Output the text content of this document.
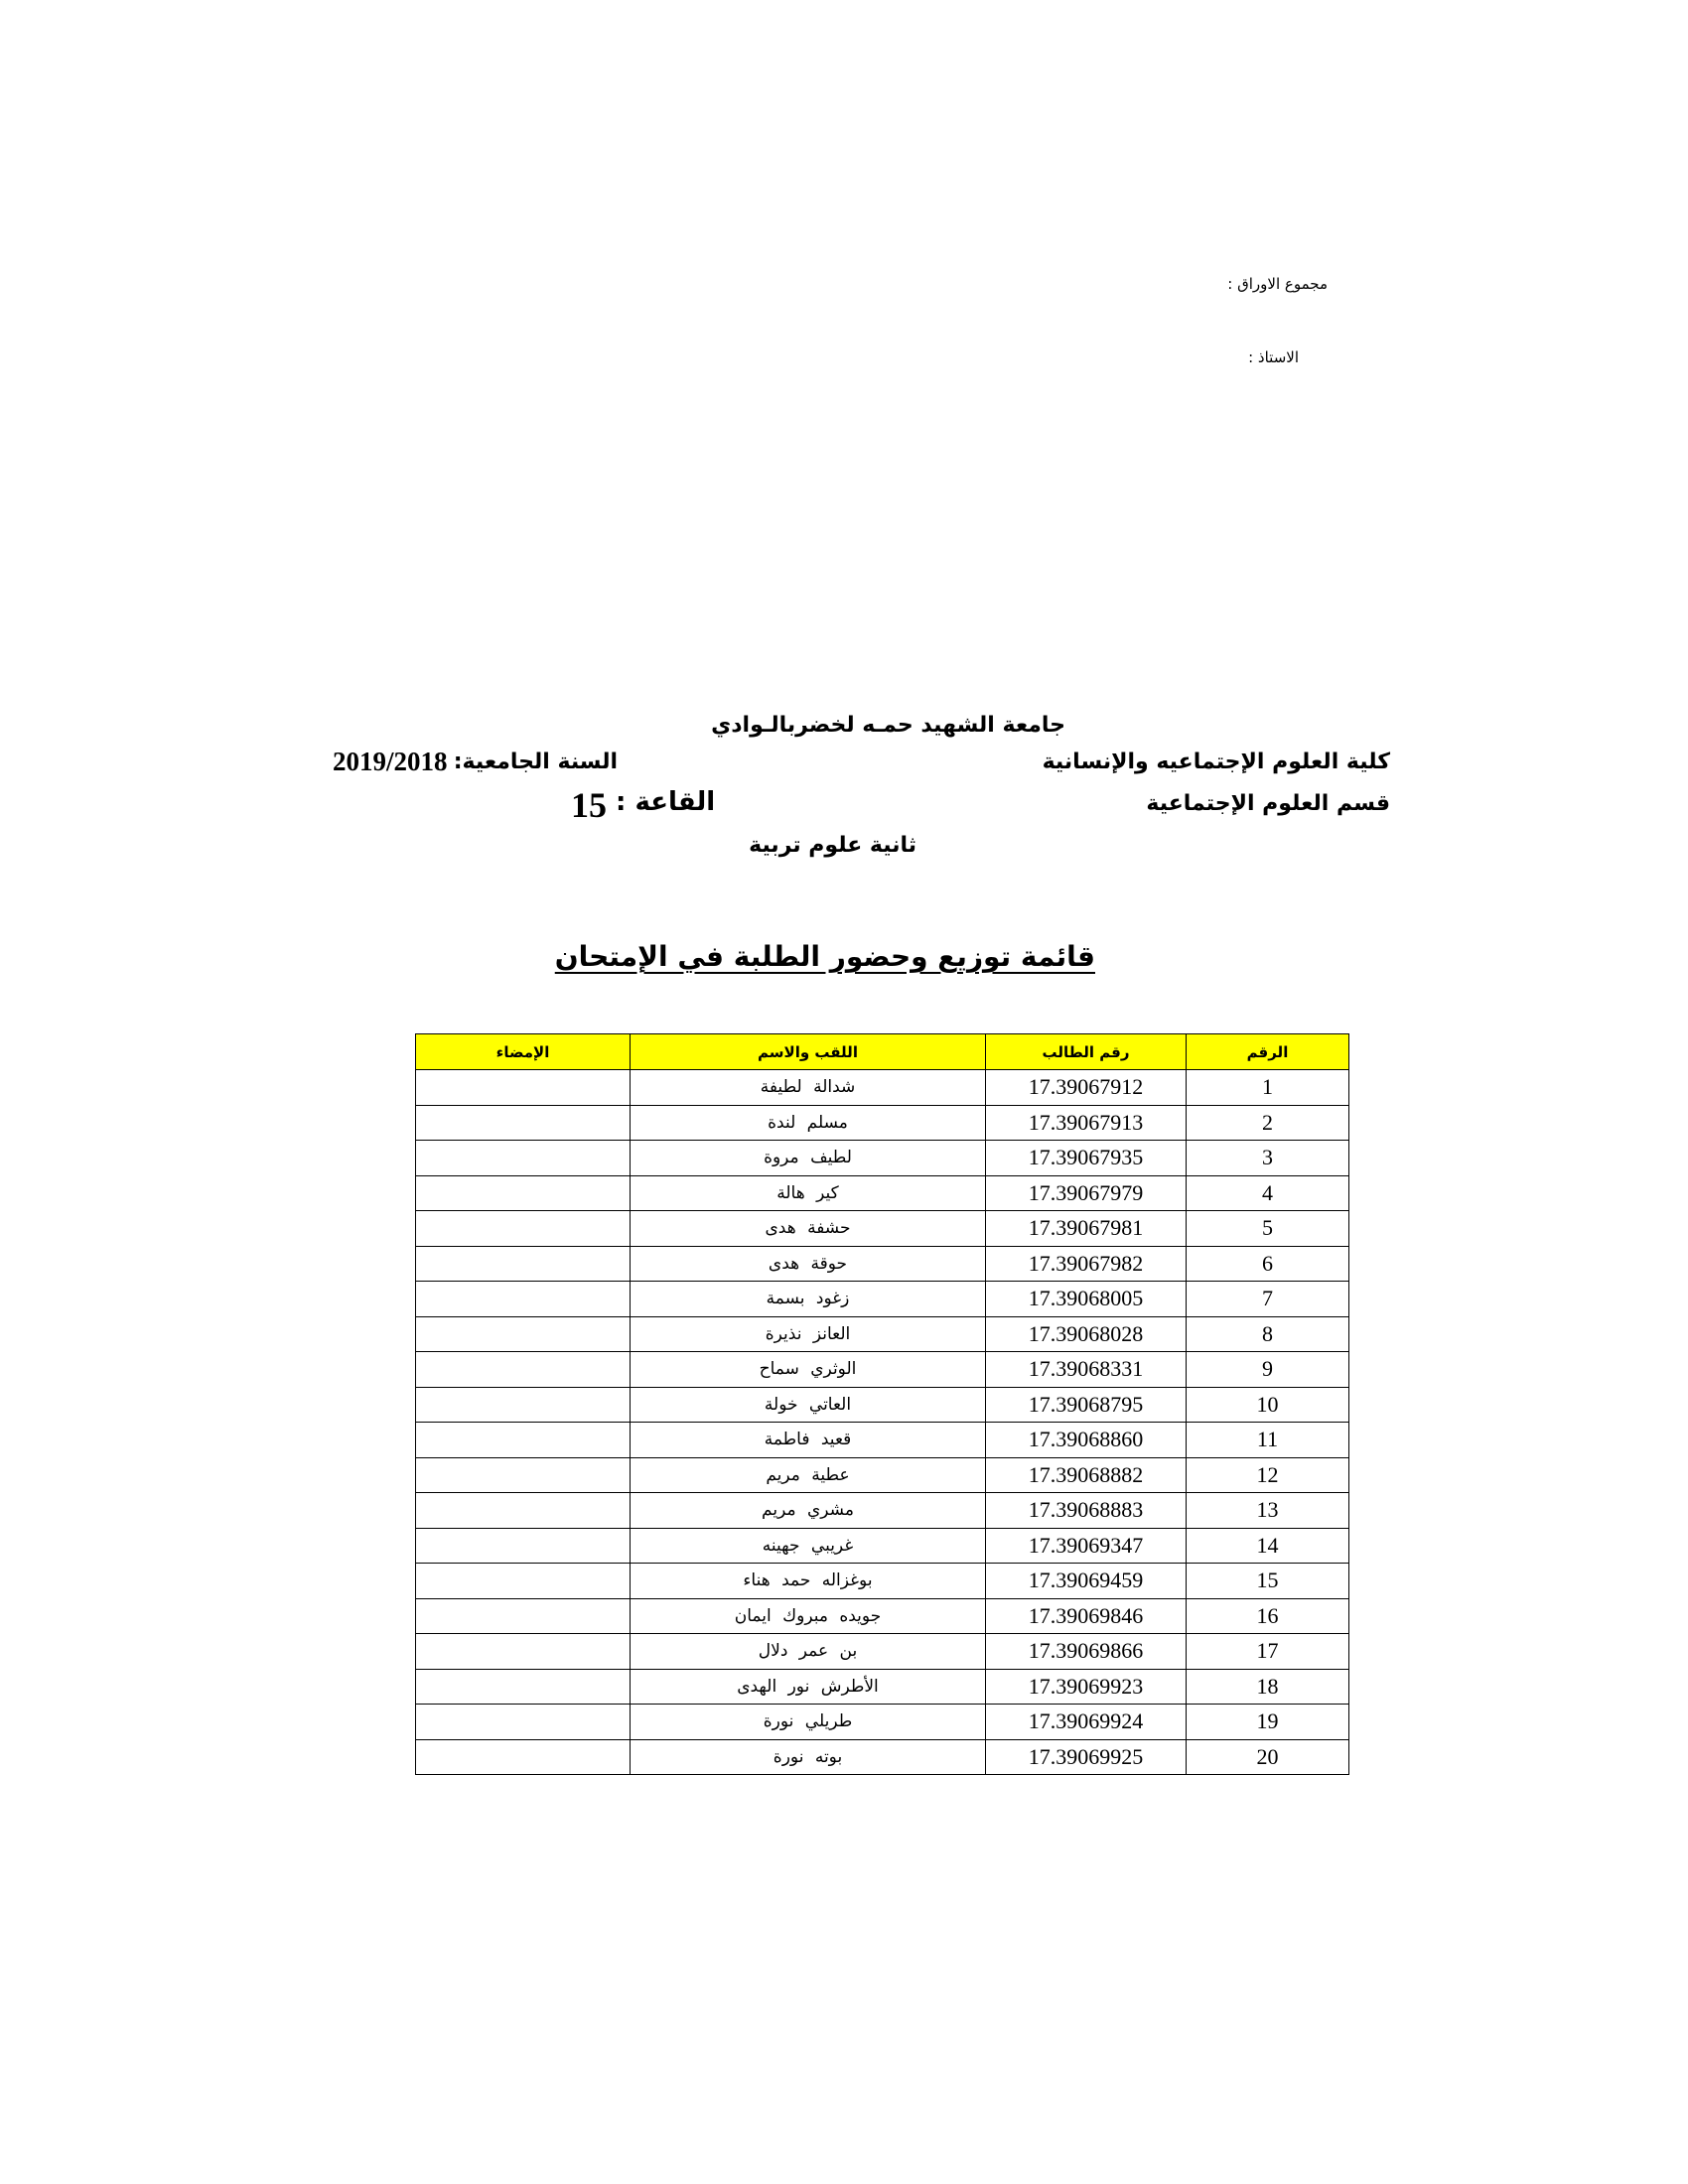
مجموع الاوراق :
الاستاذ :
جامعة الشهيد حمـه لخضربالـوادي
كلية العلوم الإجتماعيه والإنسانية
السنة الجامعية:
2019/2018
قسم العلوم الإجتماعية
15 القاعة :
ثانية علوم تربية
قائمة توزيع وحضور الطلبة في الإمتحان
الرقم	رقم الطالب	اللقب والاسم	الإمضاء
1	17.39067912	شدالة لطيفة	
2	17.39067913	مسلم لندة	
3	17.39067935	لطيف مروة	
4	17.39067979	كير هالة	
5	17.39067981	حشفة هدى	
6	17.39067982	حوقة هدى	
7	17.39068005	زغود بسمة	
8	17.39068028	العانز نذيرة	
9	17.39068331	الوثري سماح	
10	17.39068795	العاتي خولة	
11	17.39068860	قعيد فاطمة	
12	17.39068882	عطية مريم	
13	17.39068883	مشري مريم	
14	17.39069347	غريبي جهينه	
15	17.39069459	بوغزاله حمد هناء	
16	17.39069846	جويده مبروك ايمان	
17	17.39069866	بن عمر دلال	
18	17.39069923	الأطرش نور الهدى	
19	17.39069924	طريلي نورة	
20	17.39069925	بوته نورة	
